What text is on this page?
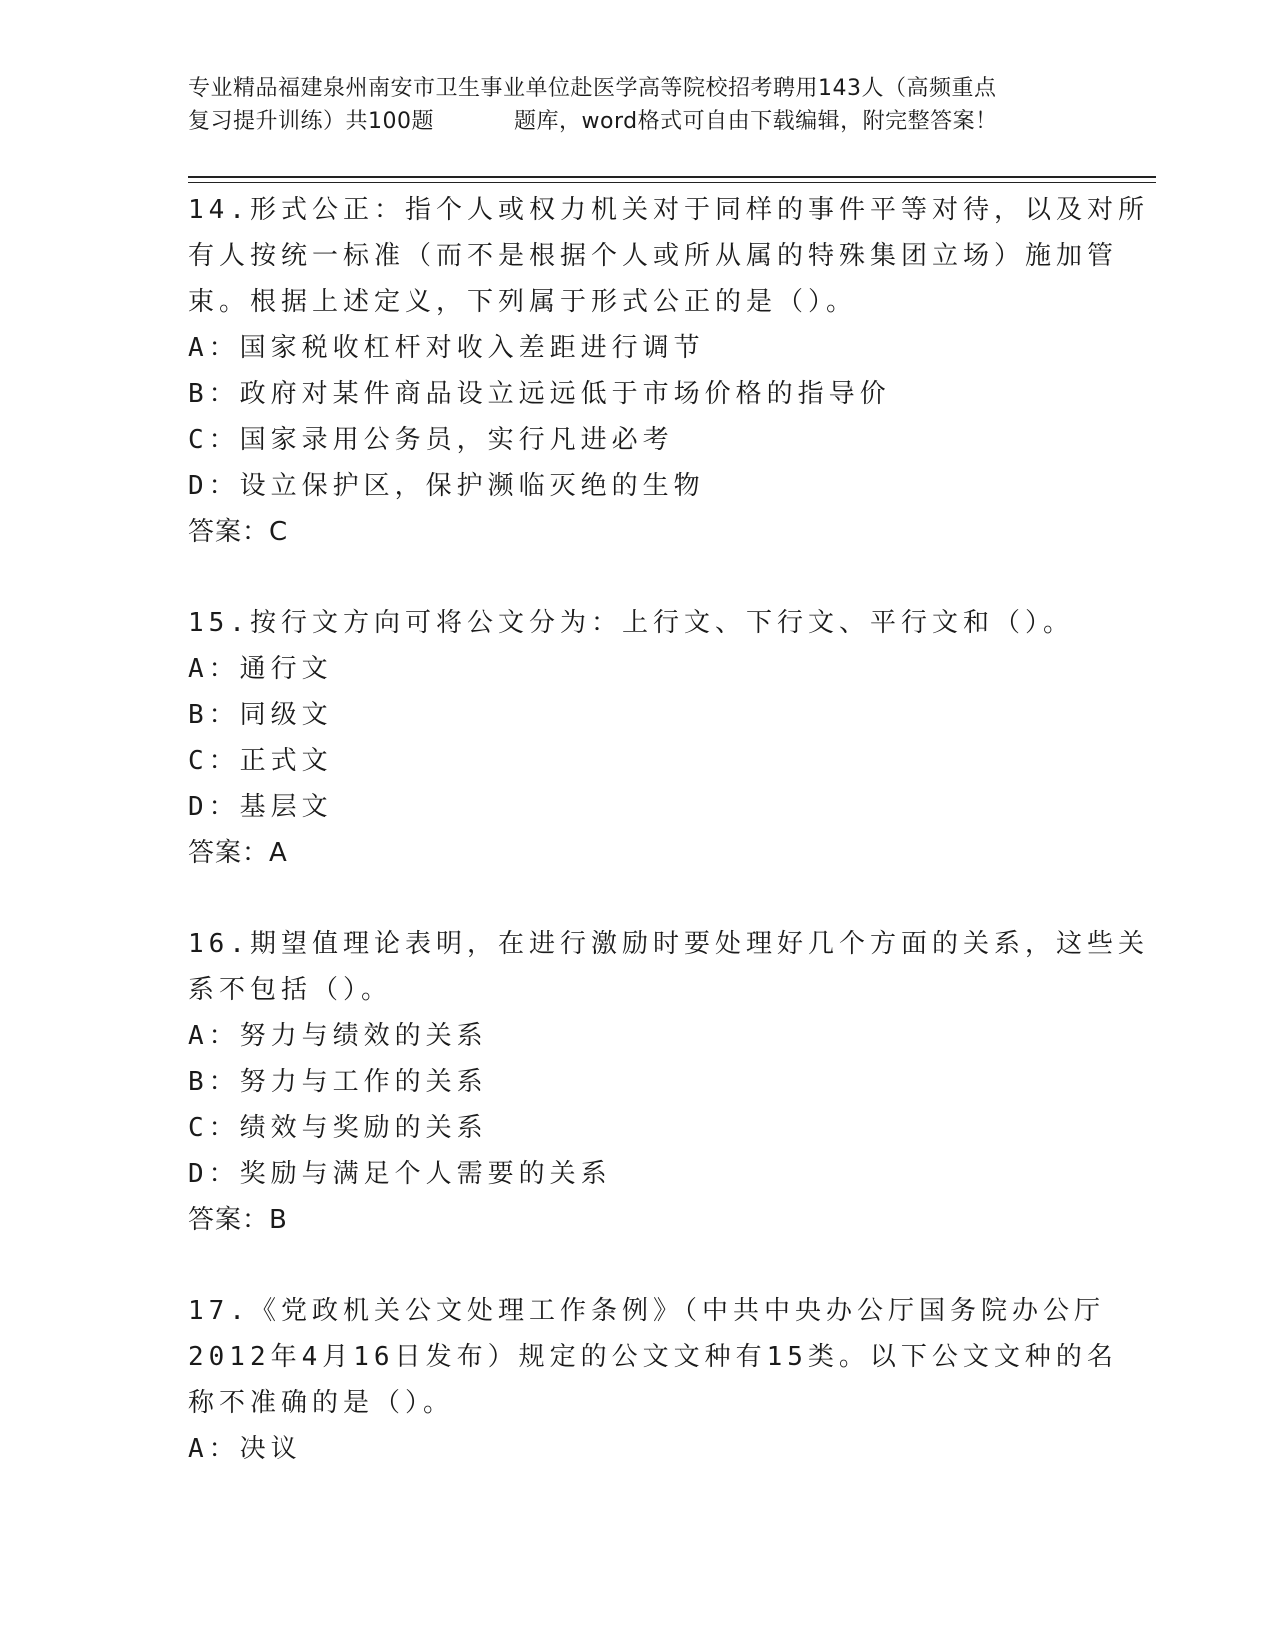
专业精品福建泉州南安市卫生事业单位赴医学高等院校招考聘用143人（高频重点
复习提升训练）共100题	题库，word格式可自由下载编辑，附完整答案！

14.形式公正：指个人或权力机关对于同样的事件平等对待，以及对所

有人按统一标准（而不是根据个人或所从属的特殊集团立场）施加管

束。根据上述定义，下列属于形式公正的是（）。

A：国家税收杠杆对收入差距进行调节

B：政府对某件商品设立远远低于市场价格的指导价

C：国家录用公务员，实行凡进必考

D：设立保护区，保护濒临灭绝的生物

答案：C

15.按行文方向可将公文分为：上行文、下行文、平行文和（）。

A：通行文

B：同级文

C：正式文

D：基层文

答案：A

16.期望值理论表明，在进行激励时要处理好几个方面的关系，这些关

系不包括（）。

A：努力与绩效的关系

B：努力与工作的关系

C：绩效与奖励的关系

D：奖励与满足个人需要的关系

答案：B

17.《党政机关公文处理工作条例》（中共中央办公厅国务院办公厅

2012年4月16日发布）规定的公文文种有15类。以下公文文种的名

称不准确的是（）。

A：决议
